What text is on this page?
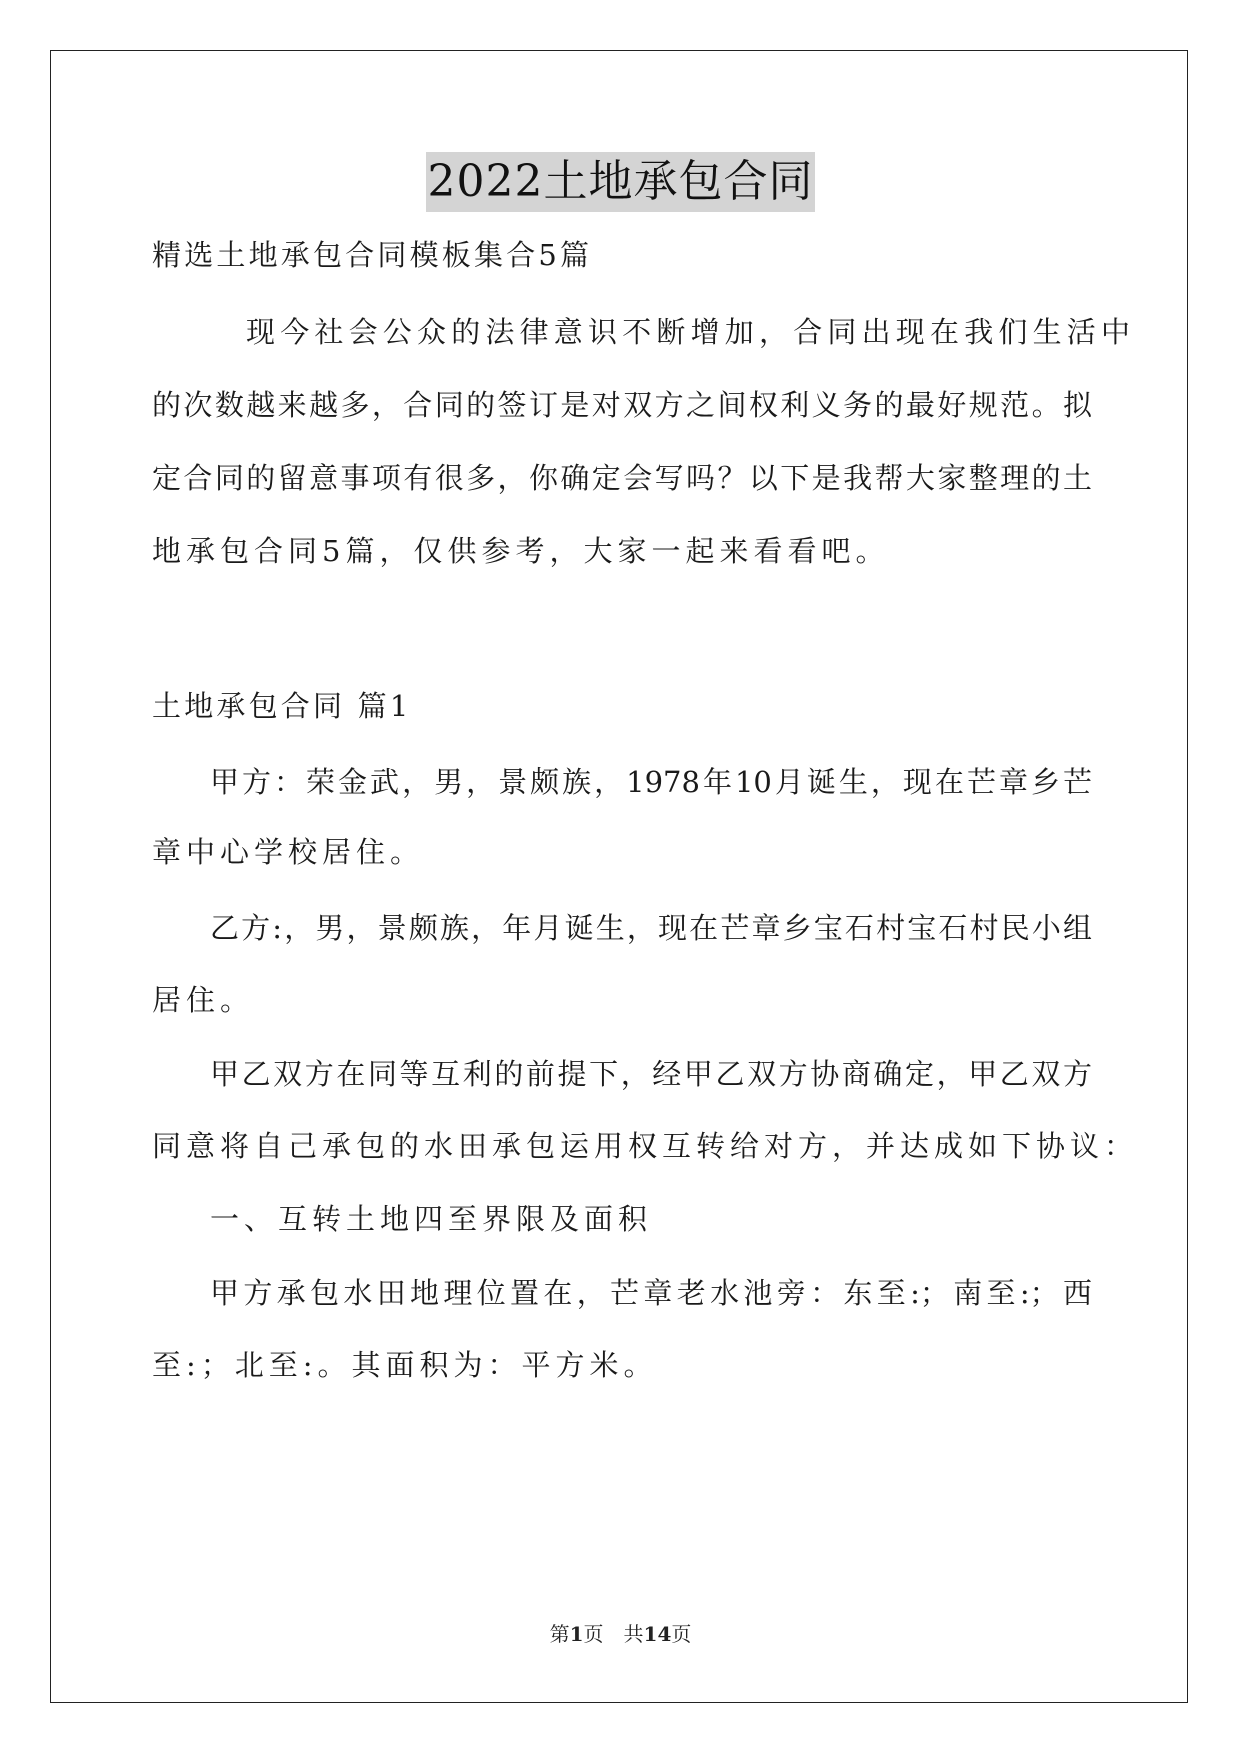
2022土地承包合同
精选土地承包合同模板集合5篇
现今社会公众的法律意识不断增加，合同出现在我们生活中
的次数越来越多，合同的签订是对双方之间权利义务的最好规范。拟
定合同的留意事项有很多，你确定会写吗？以下是我帮大家整理的土
地承包合同5篇，仅供参考，大家一起来看看吧。
土地承包合同 篇1
甲方：荣金武，男，景颇族，1978年10月诞生，现在芒章乡芒
章中心学校居住。
乙方:，男，景颇族，年月诞生，现在芒章乡宝石村宝石村民小组
居住。
甲乙双方在同等互利的前提下，经甲乙双方协商确定，甲乙双方
同意将自己承包的水田承包运用权互转给对方，并达成如下协议：
一、互转土地四至界限及面积
甲方承包水田地理位置在，芒章老水池旁：东至:；南至:；西
至:；北至:。其面积为：平方米。
第1页　共14页
